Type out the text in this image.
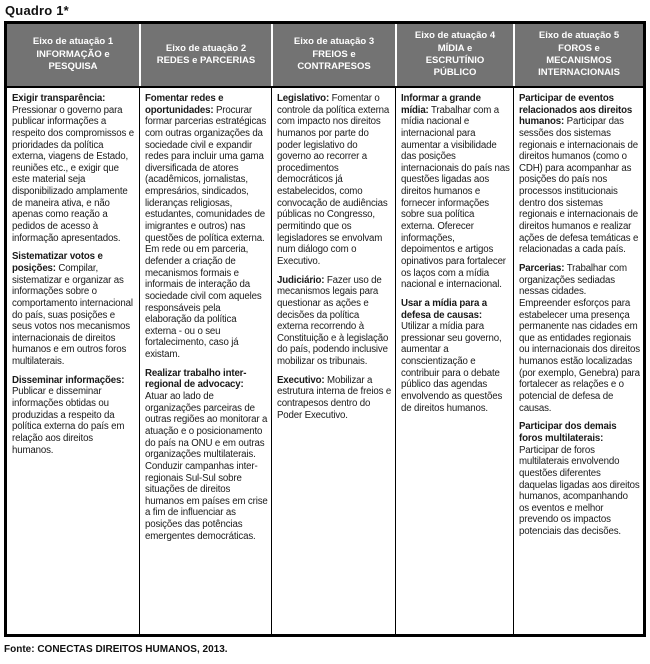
Quadro 1*
Eixo de atuação 1
INFORMAÇÃO e
PESQUISA
Eixo de atuação 2
REDES e PARCERIAS
Eixo de atuação 3
FREIOS e
CONTRAPESOS
Eixo de atuação 4
MÍDIA e
ESCRUTÍNIO
PÚBLICO
Eixo de atuação 5
FOROS e
MECANISMOS
INTERNACIONAIS

Exigir transparência: Pressionar o governo para publicar informações a respeito dos compromissos e prioridades da política externa, viagens de Estado, reuniões etc., e exigir que este material seja disponibilizado amplamente de maneira ativa, e não apenas como reação a pedidos de acesso à informação apresentados.

Sistematizar votos e posições: Compilar, sistematizar e organizar as informações sobre o comportamento internacional do país, suas posições e seus votos nos mecanismos internacionais de direitos humanos e em outros foros multilaterais.

Disseminar informações: Publicar e disseminar informações obtidas ou produzidas a respeito da política externa do país em relação aos direitos humanos.

Fomentar redes e oportunidades: Procurar formar parcerias estratégicas com outras organizações da sociedade civil e expandir redes para incluir uma gama diversificada de atores (acadêmicos, jornalistas, empresários, sindicados, lideranças religiosas, estudantes, comunidades de imigrantes e outros) nas questões de política externa. Em rede ou em parceria, defender a criação de mecanismos formais e informais de interação da sociedade civil com aqueles responsáveis pela elaboração da política externa - ou o seu fortalecimento, caso já existam.

Realizar trabalho inter-regional de advocacy: Atuar ao lado de organizações parceiras de outras regiões ao monitorar a atuação e o posicionamento do país na ONU e em outras organizações multilaterais. Conduzir campanhas inter-regionais Sul-Sul sobre situações de direitos humanos em países em crise a fim de influenciar as posições das potências emergentes democráticas.

Legislativo: Fomentar o controle da política externa com impacto nos direitos humanos por parte do poder legislativo do governo ao recorrer a procedimentos democráticos já estabelecidos, como convocação de audiências públicas no Congresso, permitindo que os legisladores se envolvam num diálogo com o Executivo.

Judiciário: Fazer uso de mecanismos legais para questionar as ações e decisões da política externa recorrendo à Constituição e à legislação do país, podendo inclusive mobilizar os tribunais.

Executivo: Mobilizar a estrutura interna de freios e contrapesos dentro do Poder Executivo.

Informar a grande mídia: Trabalhar com a mídia nacional e internacional para aumentar a visibilidade das posições internacionais do país nas questões ligadas aos direitos humanos e fornecer informações sobre sua política externa. Oferecer informações, depoimentos e artigos opinativos para fortalecer os laços com a mídia nacional e internacional.

Usar a mídia para a defesa de causas: Utilizar a mídia para pressionar seu governo, aumentar a conscientização e contribuir para o debate público das agendas envolvendo as questões de direitos humanos.

Participar de eventos relacionados aos direitos humanos: Participar das sessões dos sistemas regionais e internacionais de direitos humanos (como o CDH) para acompanhar as posições do país nos processos institucionais dentro dos sistemas regionais e internacionais de direitos humanos e realizar ações de defesa temáticas e relacionadas a cada país.

Parcerias: Trabalhar com organizações sediadas nessas cidades. Empreender esforços para estabelecer uma presença permanente nas cidades em que as entidades regionais ou internacionais dos direitos humanos estão localizadas (por exemplo, Genebra) para fortalecer as relações e o potencial de defesa de causas.

Participar dos demais foros multilaterais: Participar de foros multilaterais envolvendo questões diferentes daquelas ligadas aos direitos humanos, acompanhando os eventos e melhor prevendo os impactos potenciais das decisões.

Fonte: CONECTAS DIREITOS HUMANOS, 2013.
